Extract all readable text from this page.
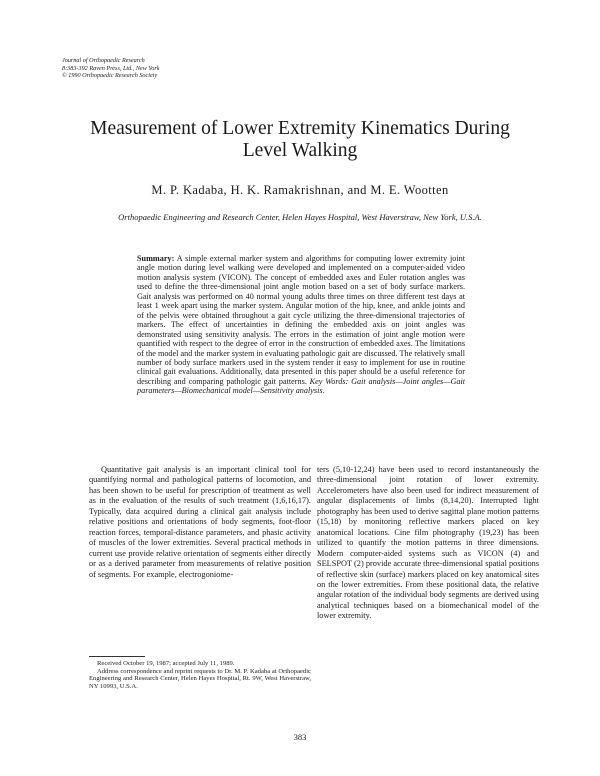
Journal of Orthopaedic Research
8:383-392 Raven Press, Ltd., New York
© 1990 Orthopaedic Research Society
Measurement of Lower Extremity Kinematics During
Level Walking
M. P. Kadaba, H. K. Ramakrishnan, and M. E. Wootten
Orthopaedic Engineering and Research Center, Helen Hayes Hospital, West Haverstraw, New York, U.S.A.
Summary: A simple external marker system and algorithms for computing lower extremity joint angle motion during level walking were developed and implemented on a computer-aided video motion analysis system (VICON). The concept of embedded axes and Euler rotation angles was used to define the three-dimensional joint angle motion based on a set of body surface markers. Gait analysis was performed on 40 normal young adults three times on three different test days at least 1 week apart using the marker system. Angular motion of the hip, knee, and ankle joints and of the pelvis were obtained throughout a gait cycle utilizing the three-dimensional trajectories of markers. The effect of uncertainties in defining the embedded axis on joint angles was demonstrated using sensitivity analysis. The errors in the estimation of joint angle motion were quantified with respect to the degree of error in the construction of embedded axes. The limitations of the model and the marker system in evaluating pathologic gait are discussed. The relatively small number of body surface markers used in the system render it easy to implement for use in routine clinical gait evaluations. Additionally, data presented in this paper should be a useful reference for describing and comparing pathologic gait patterns. Key Words: Gait analysis—Joint angles—Gait parameters—Biomechanical model—Sensitivity analysis.
Quantitative gait analysis is an important clinical tool for quantifying normal and pathological patterns of locomotion, and has been shown to be useful for prescription of treatment as well as in the evaluation of the results of such treatment (1,6,16,17). Typically, data acquired during a clinical gait analysis include relative positions and orientations of body segments, foot-floor reaction forces, temporal-distance parameters, and phasic activity of muscles of the lower extremities. Several practical methods in current use provide relative orientation of segments either directly or as a derived parameter from measurements of relative position of segments. For example, electrogoniome-
ters (5,10-12,24) have been used to record instantaneously the three-dimensional joint rotation of lower extremity. Accelerometers have also been used for indirect measurement of angular displacements of limbs (8,14,20). Interrupted light photography has been used to derive sagittal plane motion patterns (15,18) by monitoring reflective markers placed on key anatomical locations. Cine film photography (19,23) has been utilized to quantify the motion patterns in three dimensions. Modern computer-aided systems such as VICON (4) and SELSPOT (2) provide accurate three-dimensional spatial positions of reflective skin (surface) markers placed on key anatomical sites on the lower extremities. From these positional data, the relative angular rotation of the individual body segments are derived using analytical techniques based on a biomechanical model of the lower extremity.

Received October 19, 1987; accepted July 11, 1989.

Address correspondence and reprint requests to Dr. M. P. Kadaba at Orthopaedic Engineering and Research Center, Helen Hayes Hospital, Rt. 9W, West Haverstraw, NY 10993, U.S.A.

383
